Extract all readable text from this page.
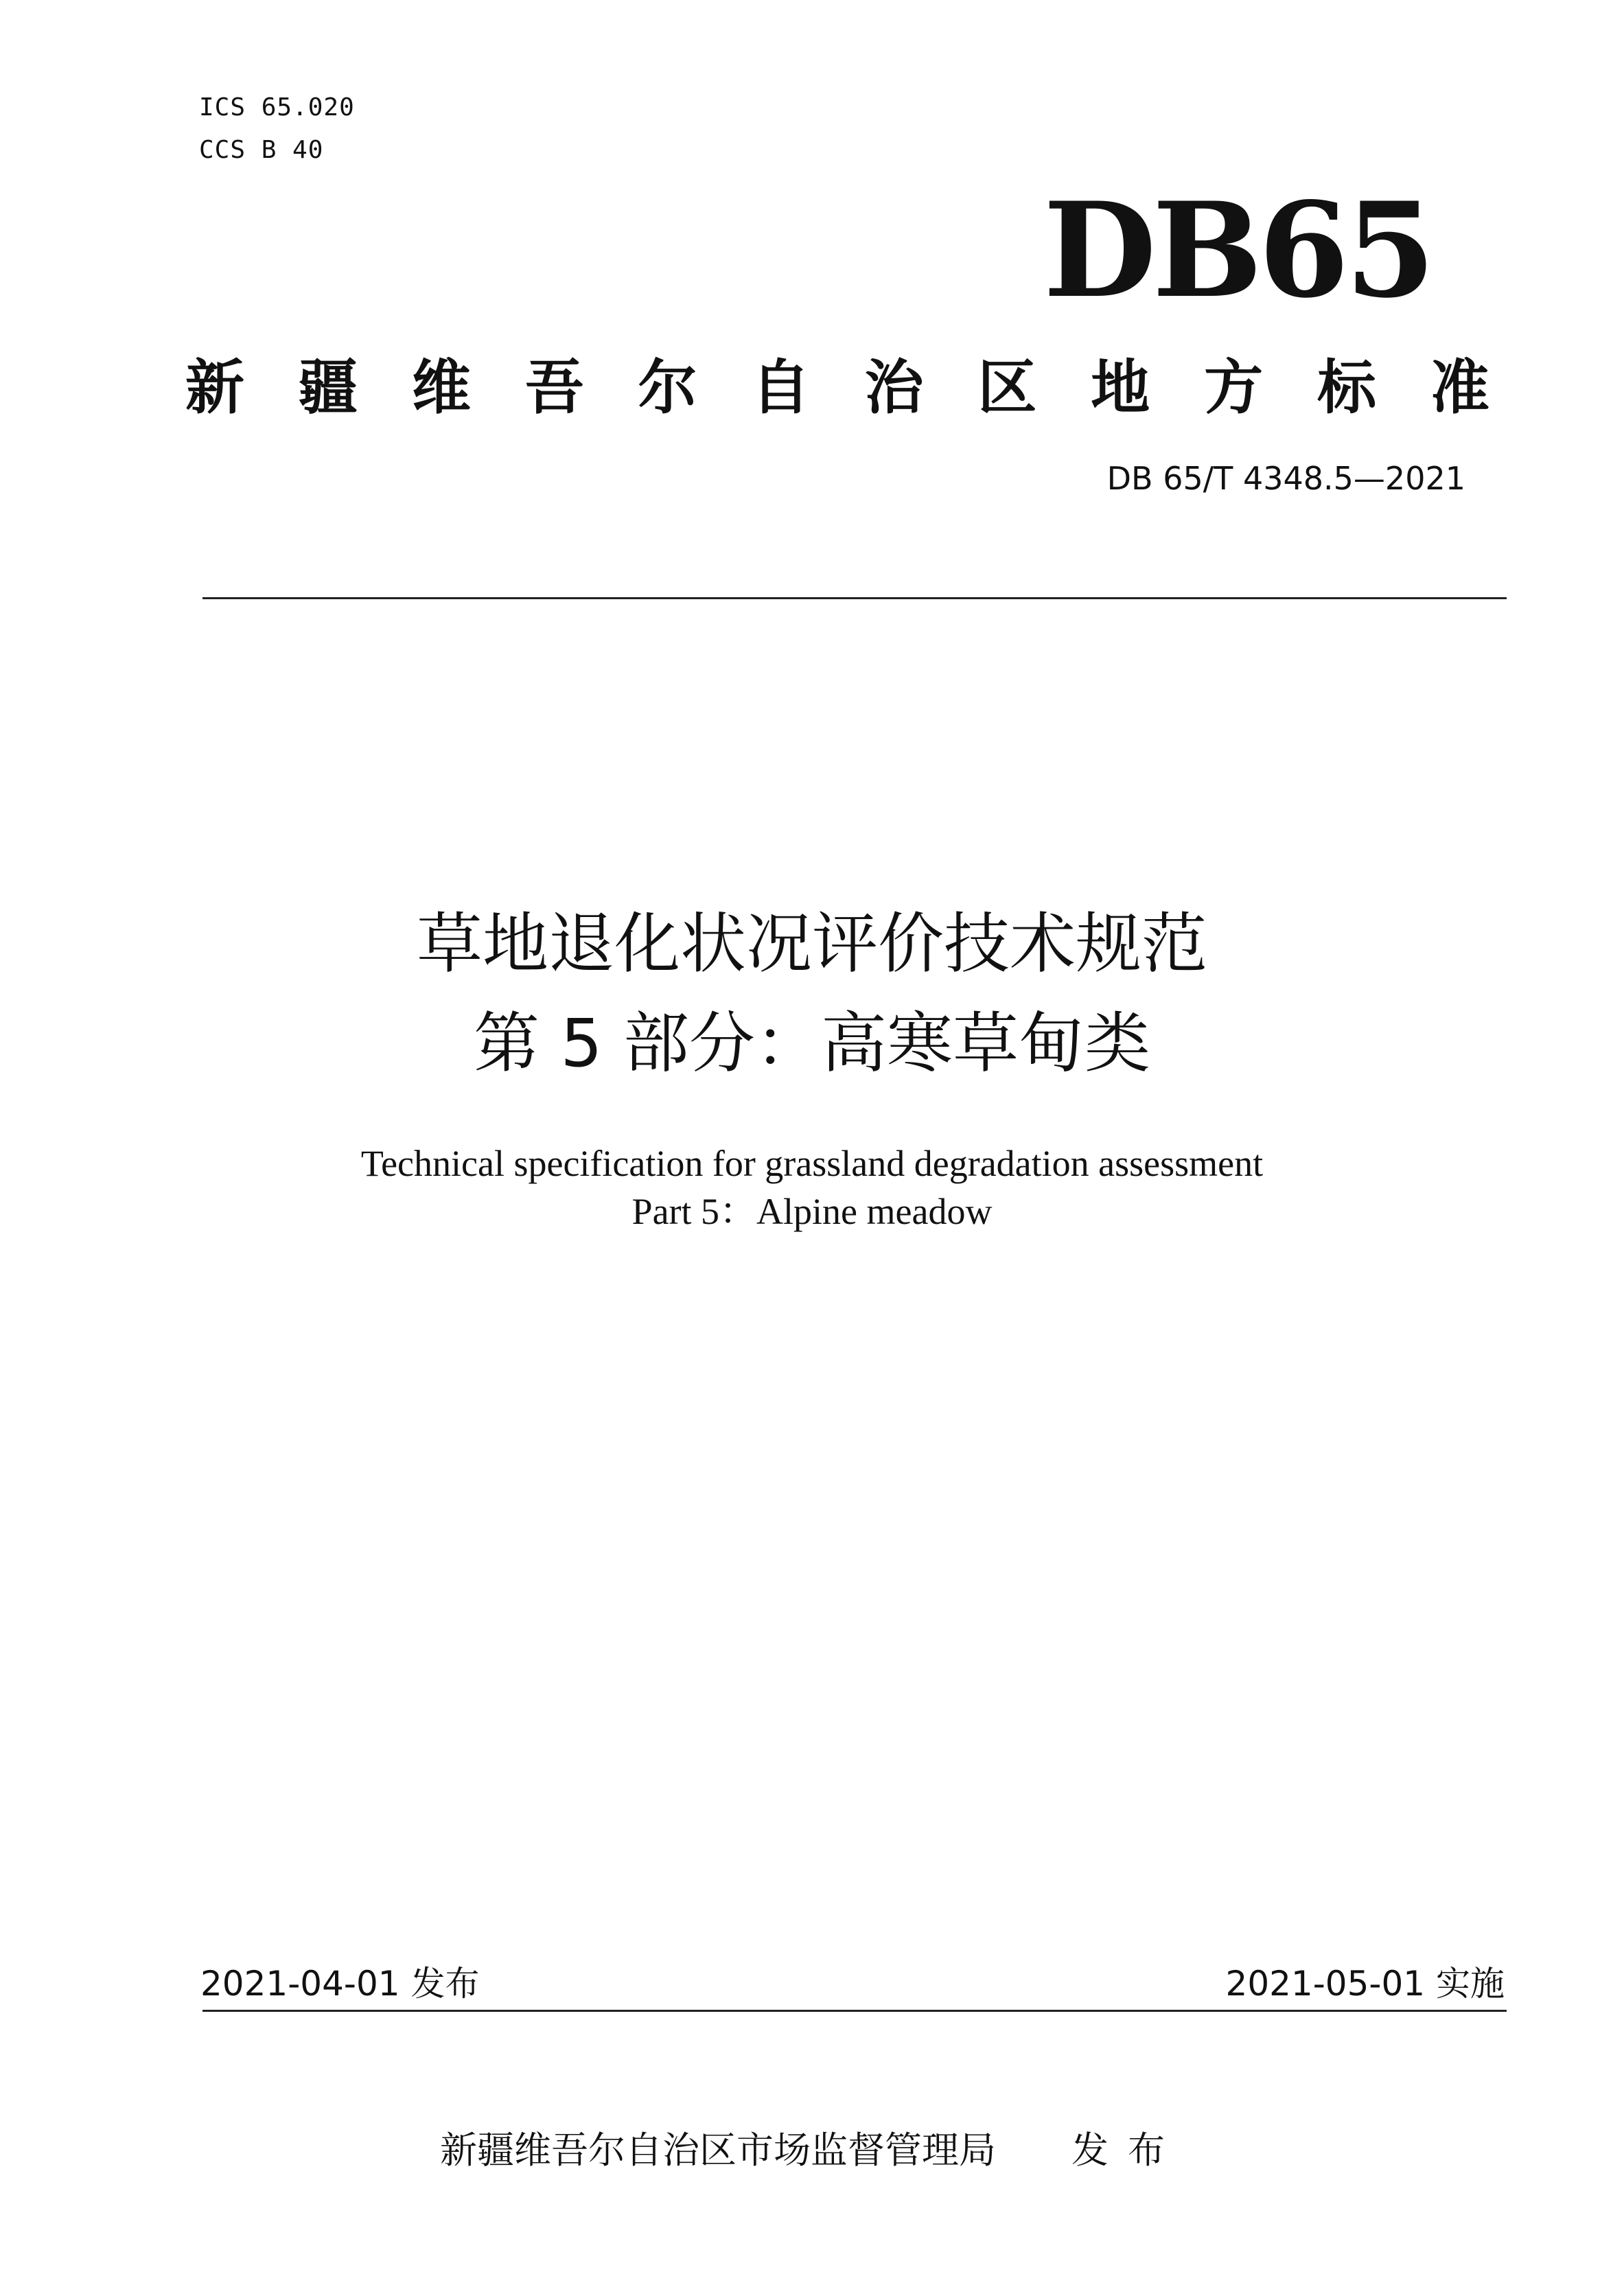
ICS 65.020
CCS B 40
DB65
新 疆 维 吾 尔 自 治 区 地 方 标 准
DB 65/T 4348.5—2021
草地退化状况评价技术规范
第 5 部分：高寒草甸类
Technical specification for grassland degradation assessment
Part 5：Alpine meadow
2021-04-01 发布	2021-05-01 实施
新疆维吾尔自治区市场监督管理局 发布
